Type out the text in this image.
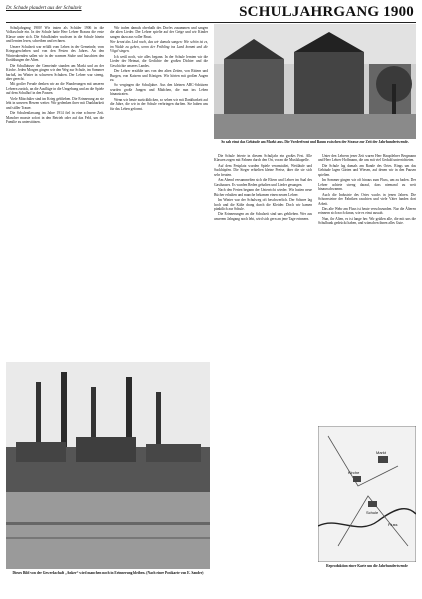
Dr. Schade plaudert aus der Schulzeit	SCHULJAHRGANG 1900

Schuljahrgang 1900! Wir traten als Schüler 1906 in die Volksschule ein. In der Schule hatte Herr Lehrer Brauns die erste Klasse unter sich. Die Schulkinder wuchsen in die Schule hinein und lernten lesen, schreiben und rechnen.

Unsere Schulzeit war erfüllt vom Leben in der Gemeinde, vom Kriegsgeschehen und von den Festen des Jahres. An den Winterabenden saßen wir in der warmen Stube und lauschten den Erzählungen der Alten.

Die Schulhäuser der Gemeinde standen am Markt und an der Kirche. Jeden Morgen gingen wir den Weg zur Schule, im Sommer barfuß, im Winter in schweren Schuhen. Der Lehrer war streng, aber gerecht.

Mit großer Freude denken wir an die Wanderungen mit unseren Lehrern zurück, an die Ausflüge in die Umgebung und an die Spiele auf dem Schulhof in den Pausen.

Viele Mitschüler sind im Krieg geblieben. Die Erinnerung an sie lebt in unseren Herzen weiter. Wir gedenken ihrer mit Dankbarkeit und stiller Trauer.

Die Schulentlassung im Jahre 1914 fiel in eine schwere Zeit. Mancher musste sofort in den Betrieb oder auf das Feld, um die Familie zu unterstützen.

Wir trafen damals oberhalb des Dorfes zusammen und sangen die alten Lieder. Der Lehrer spielte auf der Geige und wir Kinder sangen dazu aus voller Brust.

Wer kennt das Lied noch, das wir damals sangen: Wie schön ist es, im Walde zu gehen, wenn der Frühling ins Land kommt und die Vögel singen.

Ich weiß noch, wie alles begann. In der Schule lernten wir die Lieder der Heimat, die Gedichte der großen Dichter und die Geschichte unseres Landes.

Der Lehrer erzählte uns von den alten Zeiten, von Rittern und Burgen, von Kaisern und Königen. Wir hörten mit großen Augen zu.

So vergingen die Schuljahre. Aus den kleinen ABC-Schützen wurden große Jungen und Mädchen, die nun ins Leben hinaustraten.

Wenn wir heute zurückblicken, so sehen wir mit Dankbarkeit auf die Jahre, die wir in der Schule verbringen durften. Sie haben uns für das Leben geformt.

So sah einst das Gebäude am Markt aus. Die Vorderfront und Baum zwischen der Strasse zur Zeit der Jahrhundertwende.

Die Schule feierte in diesem Schuljahr ein großes Fest. Alle Klassen zogen mit Fahnen durch den Ort, voran die Musikkapelle.

Auf dem Festplatz wurden Spiele veranstaltet, Wettläufe und Sackhüpfen. Die Sieger erhielten kleine Preise, über die sie sich sehr freuten.

Am Abend versammelten sich die Eltern und Lehrer im Saal des Gasthauses. Es wurden Reden gehalten und Lieder gesungen.

Nach den Ferien begann der Unterricht wieder. Wir hatten neue Bücher erhalten und manche bekamen einen neuen Lehrer.

Im Winter war der Schulweg oft beschwerlich. Der Schnee lag hoch und die Kälte drang durch die Kleider. Doch wir kamen pünktlich zur Schule.

Die Erinnerungen an die Schulzeit sind uns geblieben. Wer aus unserem Jahrgang noch lebt, wird sich gern an jene Tage erinnern.

Unter den Lehrern jener Zeit waren Herr Hauptlehrer Bergmann und Herr Lehrer Hoffmann, die uns mit viel Geduld unterrichteten.

Die Schule lag damals am Rande des Ortes. Rings um das Gebäude lagen Gärten und Wiesen, auf denen wir in den Pausen spielten.

Im Sommer gingen wir oft hinaus zum Fluss, um zu baden. Der Lehrer achtete streng darauf, dass niemand zu weit hinausschwamm.

Auch die Industrie des Ortes wuchs in jenen Jahren. Die Schornsteine der Fabriken rauchten und viele Väter fanden dort Arbeit.

Das alte Wehr am Fluss ist heute verschwunden. Nur die Älteren erinnern sich noch daran, wie es einst aussah.

Nun, ihr Alten, es ist lange her. Wir grüßen alle, die mit uns die Schulbank gedrückt haben, und wünschen ihnen alles Gute.

Dieses Bild von der Gewerkschaft „Anker“ wird manchen noch in Erinnerung bleiben. (Nach einer Postkarte von E. Sander)
Kirche
Markt
Schule
Fluss
Reproduktion einer Karte um die Jahrhundertwende
